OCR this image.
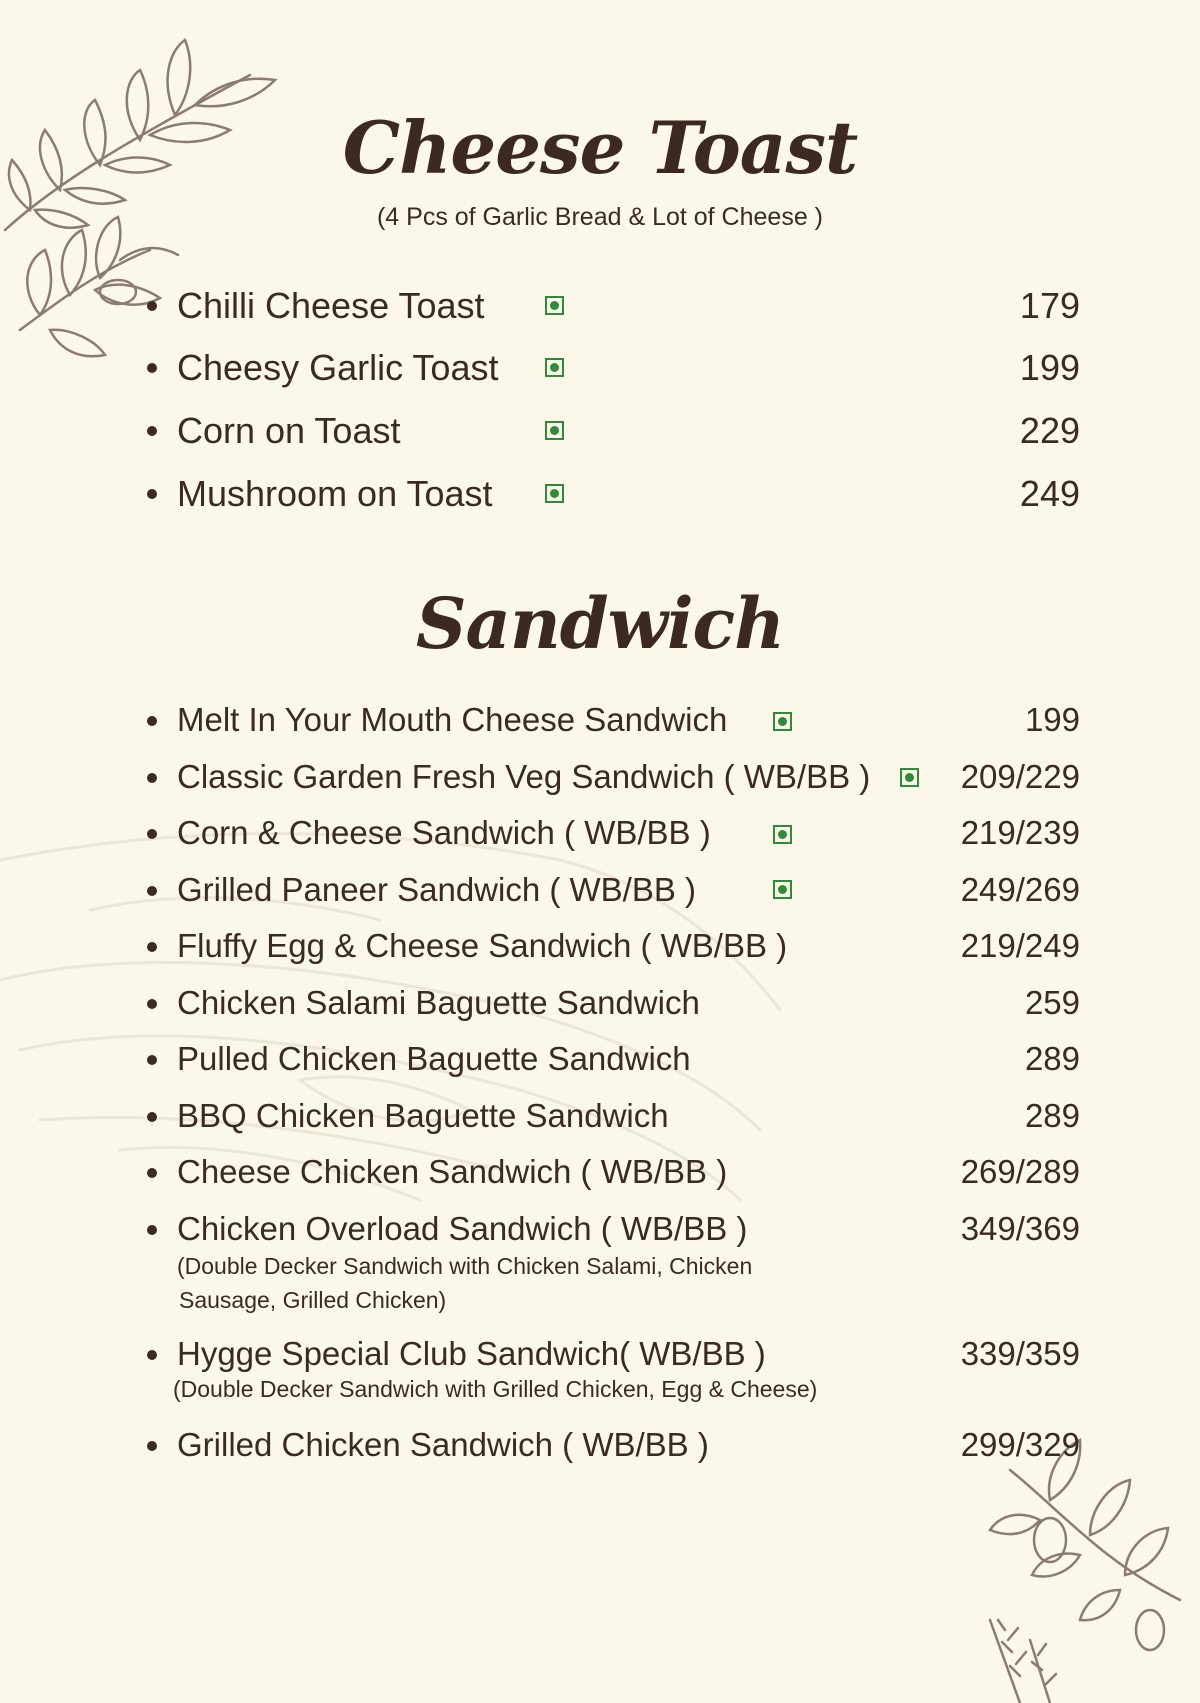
Cheese Toast
(4 Pcs of Garlic Bread & Lot of Cheese )
Chilli Cheese Toast	179
Cheesy Garlic Toast	199
Corn on Toast	229
Mushroom on Toast	249
Sandwich
Melt In Your Mouth Cheese Sandwich	199
Classic Garden Fresh Veg Sandwich ( WB/BB )	209/229
Corn & Cheese Sandwich ( WB/BB )	219/239
Grilled Paneer Sandwich ( WB/BB )	249/269
Fluffy Egg & Cheese Sandwich ( WB/BB )	219/249
Chicken Salami Baguette Sandwich	259
Pulled Chicken Baguette Sandwich	289
BBQ Chicken Baguette Sandwich	289
Cheese Chicken Sandwich ( WB/BB )	269/289
Chicken Overload Sandwich ( WB/BB )	349/369
(Double Decker Sandwich with Chicken Salami, Chicken
Sausage, Grilled Chicken)
Hygge Special Club Sandwich( WB/BB )	339/359
(Double Decker Sandwich with Grilled Chicken, Egg & Cheese)
Grilled Chicken Sandwich ( WB/BB )	299/329
